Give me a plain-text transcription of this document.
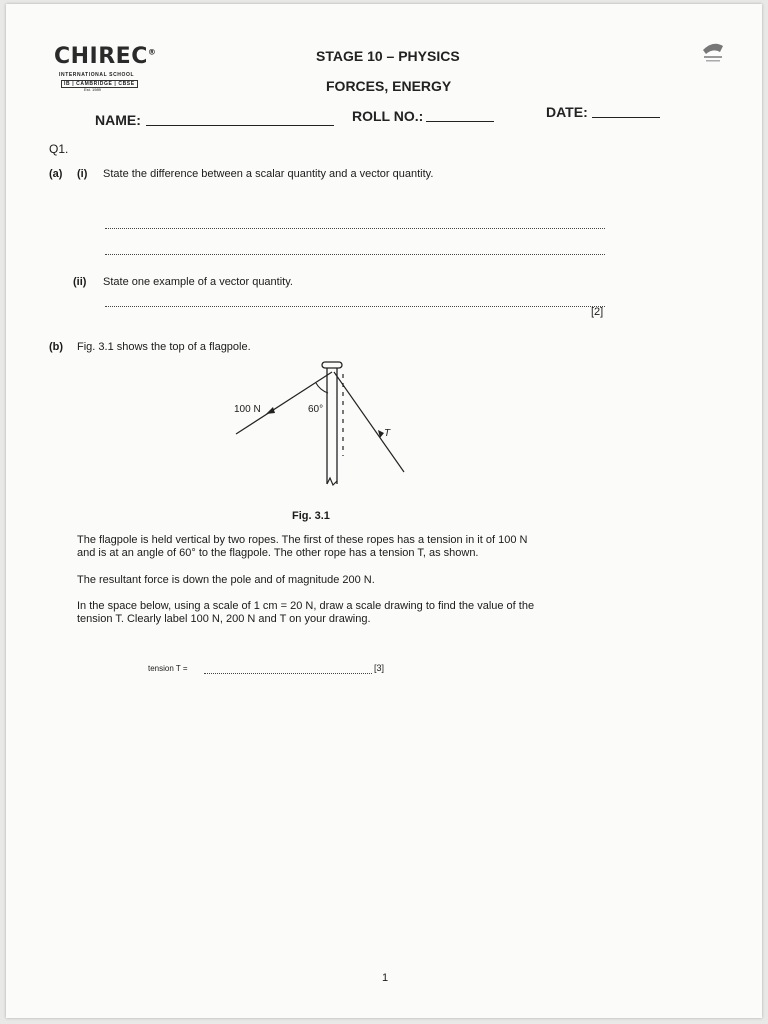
CHIREC®
INTERNATIONAL SCHOOL
IB | CAMBRIDGE | CBSE
Est. 1989
STAGE 10 – PHYSICS
FORCES, ENERGY
NAME:	ROLL NO.:	DATE:
Q1.
(a) (i) State the difference between a scalar quantity and a vector quantity.
(ii) State one example of a vector quantity.
[2]
(b) Fig. 3.1 shows the top of a flagpole.
100 N	60°
T
Fig. 3.1
The flagpole is held vertical by two ropes. The first of these ropes has a tension in it of 100 N
and is at an angle of 60° to the flagpole. The other rope has a tension T, as shown.
The resultant force is down the pole and of magnitude 200 N.
In the space below, using a scale of 1 cm = 20 N, draw a scale drawing to find the value of the
tension T. Clearly label 100 N, 200 N and T on your drawing.
tension T =	[3]
1
